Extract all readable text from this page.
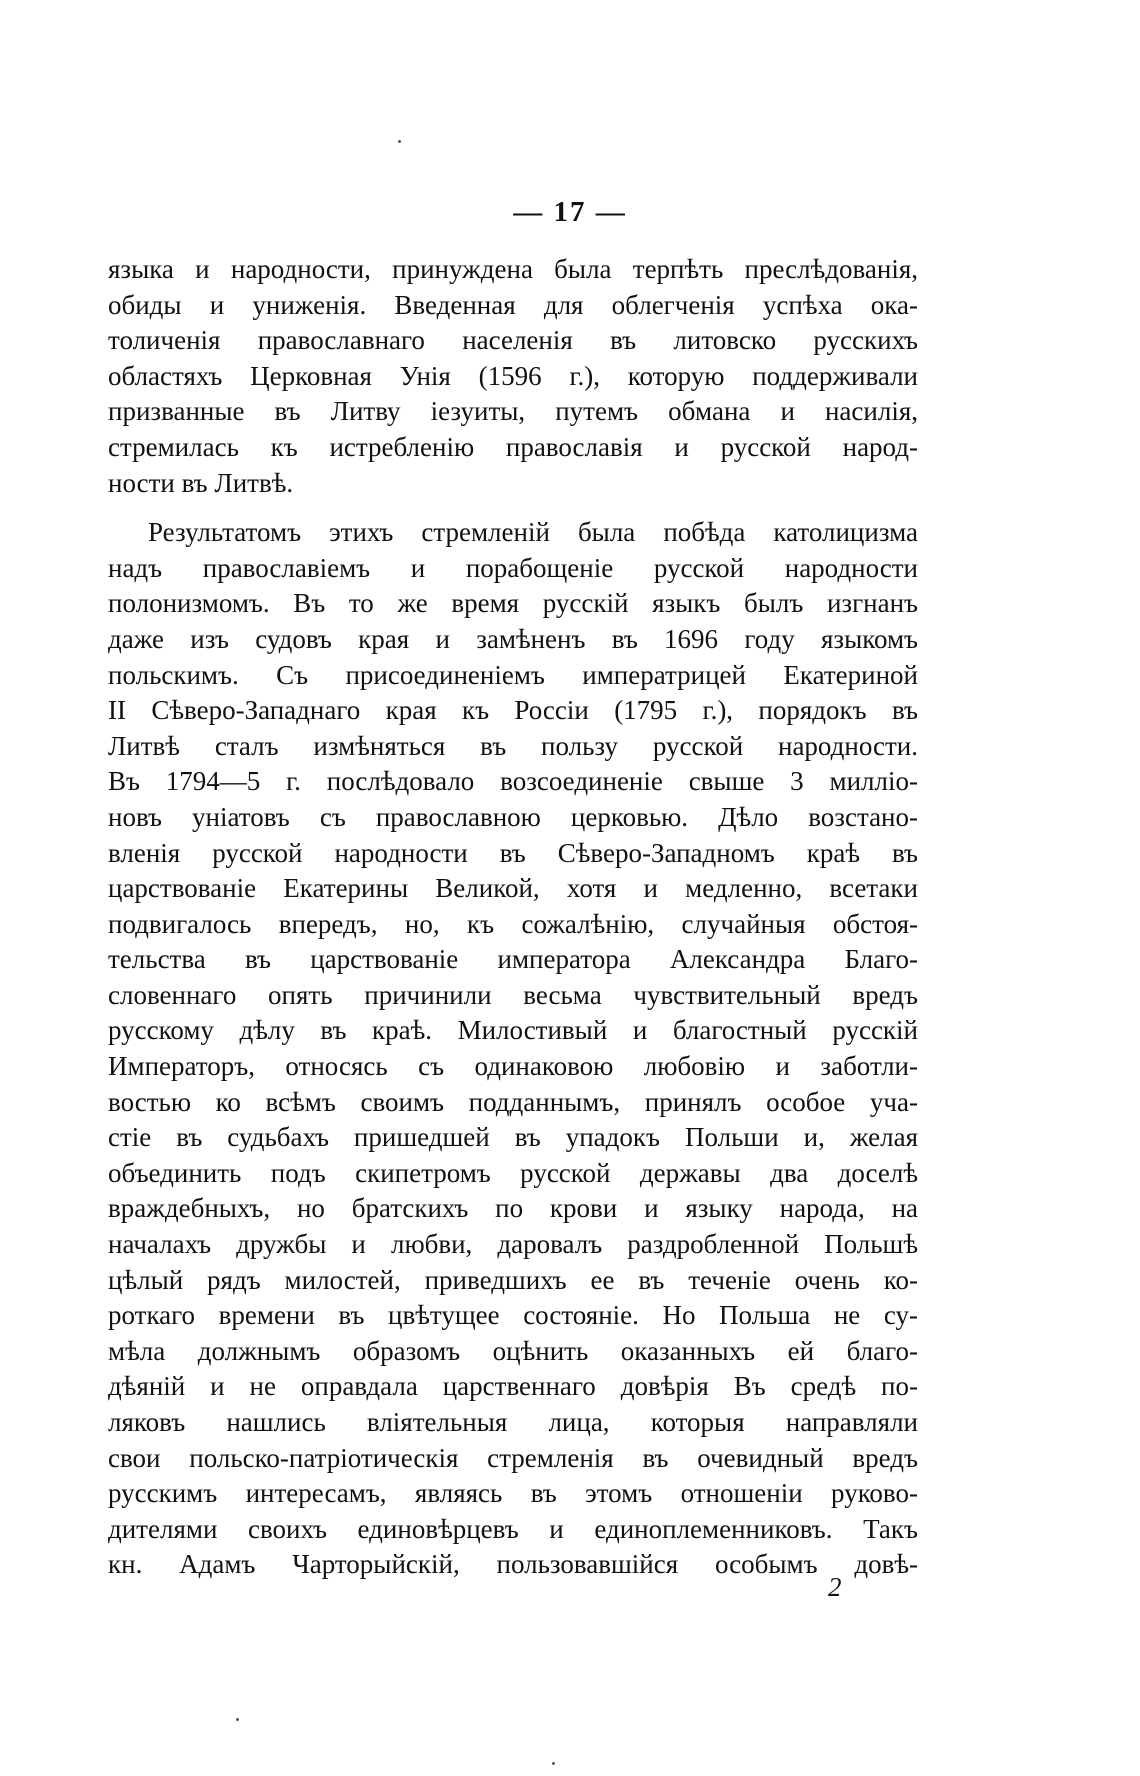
— 17 —
языка и народности, принуждена была терпѣть преслѣдованія,
обиды и униженія. Введенная для облегченія успѣха ока-
толиченія православнаго населенія въ литовско русскихъ
областяхъ Церковная Унія (1596 г.), которую поддерживали
призванные въ Литву іезуиты, путемъ обмана и насилія,
стремилась къ истребленію православія и русской народ-
ности въ Литвѣ.
Результатомъ этихъ стремленій была побѣда католицизма
надъ православіемъ и порабощеніе русской народности
полонизмомъ. Въ то же время русскій языкъ былъ изгнанъ
даже изъ судовъ края и замѣненъ въ 1696 году языкомъ
польскимъ. Съ присоединеніемъ императрицей Екатериной
II Сѣверо-Западнаго края къ Россіи (1795 г.), порядокъ въ
Литвѣ сталъ измѣняться въ пользу русской народности.
Въ 1794—5 г. послѣдовало возсоединеніе свыше 3 милліо-
новъ уніатовъ съ православною церковью. Дѣло возстано-
вленія русской народности въ Сѣверо-Западномъ краѣ въ
царствованіе Екатерины Великой, хотя и медленно, всетаки
подвигалось впередъ, но, къ сожалѣнію, случайныя обстоя-
тельства въ царствованіе императора Александра Благо-
словеннаго опять причинили весьма чувствительный вредъ
русскому дѣлу въ краѣ. Милостивый и благостный русскій
Императоръ, относясь съ одинаковою любовію и заботли-
востью ко всѣмъ своимъ подданнымъ, принялъ особое уча-
стіе въ судьбахъ пришедшей въ упадокъ Польши и, желая
объединить подъ скипетромъ русской державы два доселѣ
враждебныхъ, но братскихъ по крови и языку народа, на
началахъ дружбы и любви, даровалъ раздробленной Польшѣ
цѣлый рядъ милостей, приведшихъ ее въ теченіе очень ко-
роткаго времени въ цвѣтущее состояніе. Но Польша не су-
мѣла должнымъ образомъ оцѣнить оказанныхъ ей благо-
дѣяній и не оправдала царственнаго довѣрія Въ средѣ по-
ляковъ нашлись вліятельныя лица, которыя направляли
свои польско-патріотическія стремленія въ очевидный вредъ
русскимъ интересамъ, являясь въ этомъ отношеніи руково-
дителями своихъ единовѣрцевъ и единоплеменниковъ. Такъ
кн. Адамъ Чарторыйскій, пользовавшійся особымъ довѣ-
2
